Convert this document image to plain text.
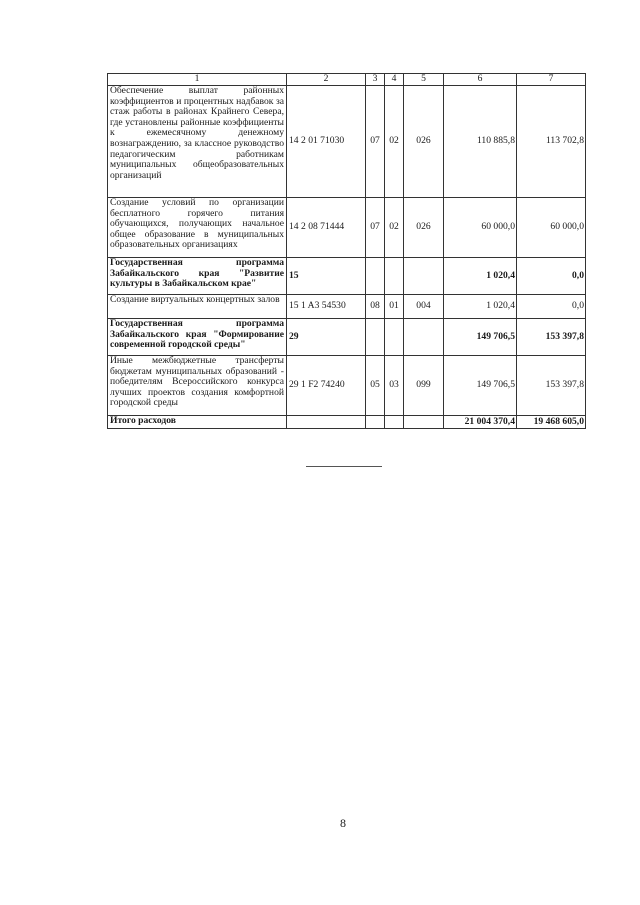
1	2	3	4	5	6	7
Обеспечение выплат районных коэффициентов и процентных надбавок за стаж работы в районах Крайнего Севера, где установлены районные коэффициенты к ежемесячному денежному вознаграждению, за классное руководство педагогическим работникам муниципальных общеобразовательных организаций	14 2 01 71030	07	02	026	110 885,8	113 702,8
Создание условий по организации бесплатного горячего питания обучающихся, получающих начальное общее образование в муниципальных образовательных организациях	14 2 08 71444	07	02	026	60 000,0	60 000,0
Государственная программа Забайкальского края "Развитие культуры в Забайкальском крае"	15				1 020,4	0,0
Создание виртуальных концертных залов	15 1 A3 54530	08	01	004	1 020,4	0,0
Государственная программа Забайкальского края "Формирование современной городской среды"	29				149 706,5	153 397,8
Иные межбюджетные трансферты бюджетам муниципальных образований - победителям Всероссийского конкурса лучших проектов создания комфортной городской среды	29 1 F2 74240	05	03	099	149 706,5	153 397,8
Итого расходов					21 004 370,4	19 468 605,0
8
